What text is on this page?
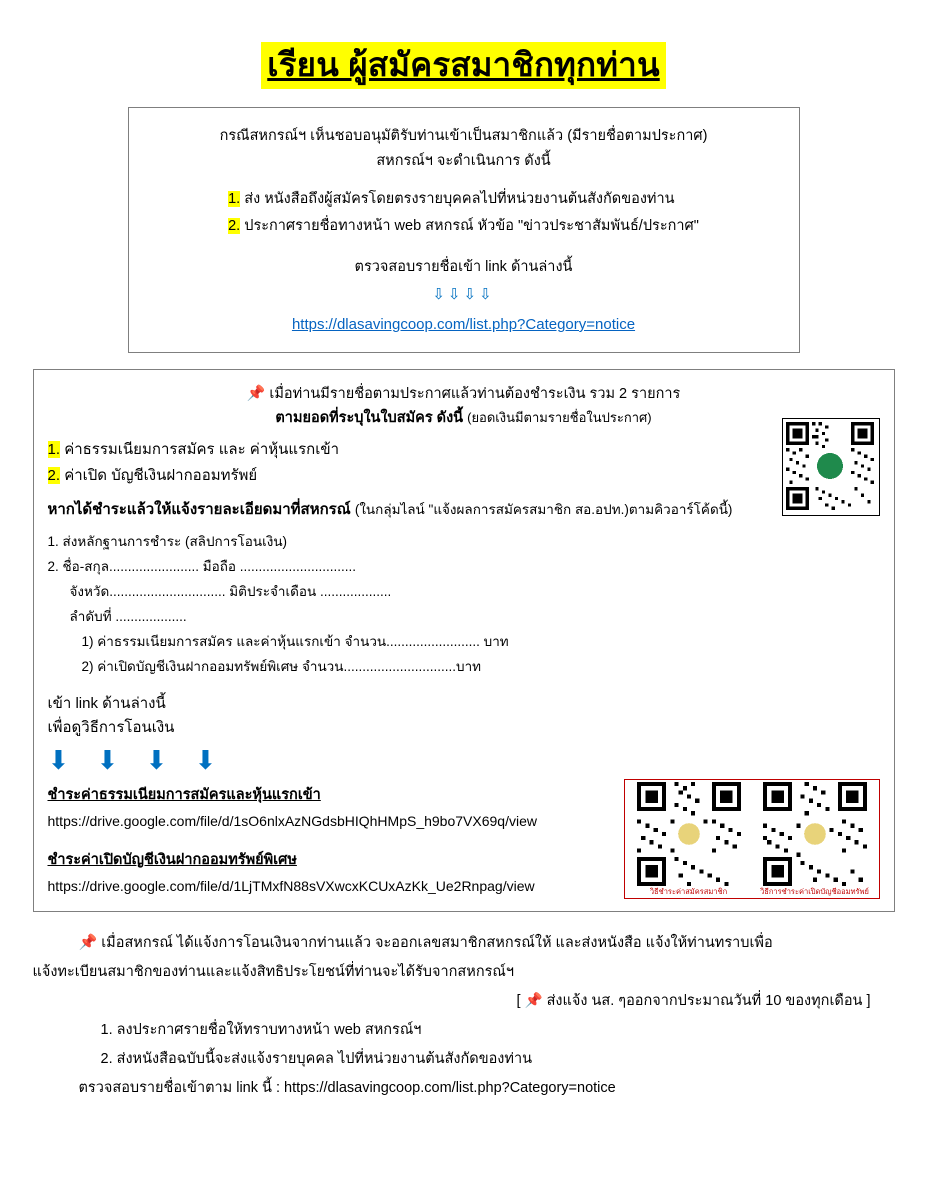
เรียน ผู้สมัครสมาชิกทุกท่าน

กรณีสหกรณ์ฯ เห็นชอบอนุมัติรับท่านเข้าเป็นสมาชิกแล้ว (มีรายชื่อตามประกาศ)

สหกรณ์ฯ จะดำเนินการ ดังนี้

1. ส่ง หนังสือถึงผู้สมัครโดยตรงรายบุคคลไปที่หน่วยงานต้นสังกัดของท่าน

2. ประกาศรายชื่อทางหน้า web สหกรณ์ หัวข้อ "ข่าวประชาสัมพันธ์/ประกาศ"

ตรวจสอบรายชื่อเข้า link ด้านล่างนี้
⇩⇩⇩⇩
https://dlasavingcoop.com/list.php?Category=notice
📌 เมื่อท่านมีรายชื่อตามประกาศแล้วท่านต้องชำระเงิน รวม 2 รายการ
ตามยอดที่ระบุในใบสมัคร ดังนี้ (ยอดเงินมีตามรายชื่อในประกาศ)

1. ค่าธรรมเนียมการสมัคร และ ค่าหุ้นแรกเข้า

2. ค่าเปิด บัญชีเงินฝากออมทรัพย์

หากได้ชำระแล้วให้แจ้งรายละเอียดมาที่สหกรณ์ (ในกลุ่มไลน์ "แจ้งผลการสมัครสมาชิก สอ.อปท.)ตามคิวอาร์โค้ดนี้)

1. ส่งหลักฐานการชำระ (สลิปการโอนเงิน)

2. ชื่อ-สกุล........................ มือถือ ...............................

จังหวัด............................... มิติประจำเดือน ...................

ลำดับที่ ...................

1) ค่าธรรมเนียมการสมัคร และค่าหุ้นแรกเข้า จำนวน......................... บาท

2) ค่าเปิดบัญชีเงินฝากออมทรัพย์พิเศษ จำนวน..............................บาท

เข้า link ด้านล่างนี้

เพื่อดูวิธีการโอนเงิน

⬇ ⬇ ⬇ ⬇
ชำระค่าธรรมเนียมการสมัครและหุ้นแรกเข้า
https://drive.google.com/file/d/1sO6nlxAzNGdsbHIQhHMpS_h9bo7VX69q/view
ชำระค่าเปิดบัญชีเงินฝากออมทรัพย์พิเศษ
https://drive.google.com/file/d/1LjTMxfN88sVXwcxKCUxAzKk_Ue2Rnpag/view	วิธีชำระค่าสมัครสมาชิก	วิธีการชำระค่าเปิดบัญชีออมทรัพย์

📌 เมื่อสหกรณ์ ได้แจ้งการโอนเงินจากท่านแล้ว จะออกเลขสมาชิกสหกรณ์ให้ และส่งหนังสือ แจ้งให้ท่านทราบเพื่อ

แจ้งทะเบียนสมาชิกของท่านและแจ้งสิทธิประโยชน์ที่ท่านจะได้รับจากสหกรณ์ฯ

[ 📌 ส่งแจ้ง นส. ๆออกจากประมาณวันที่ 10 ของทุกเดือน ]

1. ลงประกาศรายชื่อให้ทราบทางหน้า web สหกรณ์ฯ

2. ส่งหนังสือฉบับนี้จะส่งแจ้งรายบุคคล ไปที่หน่วยงานต้นสังกัดของท่าน

ตรวจสอบรายชื่อเข้าตาม link นี้ : https://dlasavingcoop.com/list.php?Category=notice
